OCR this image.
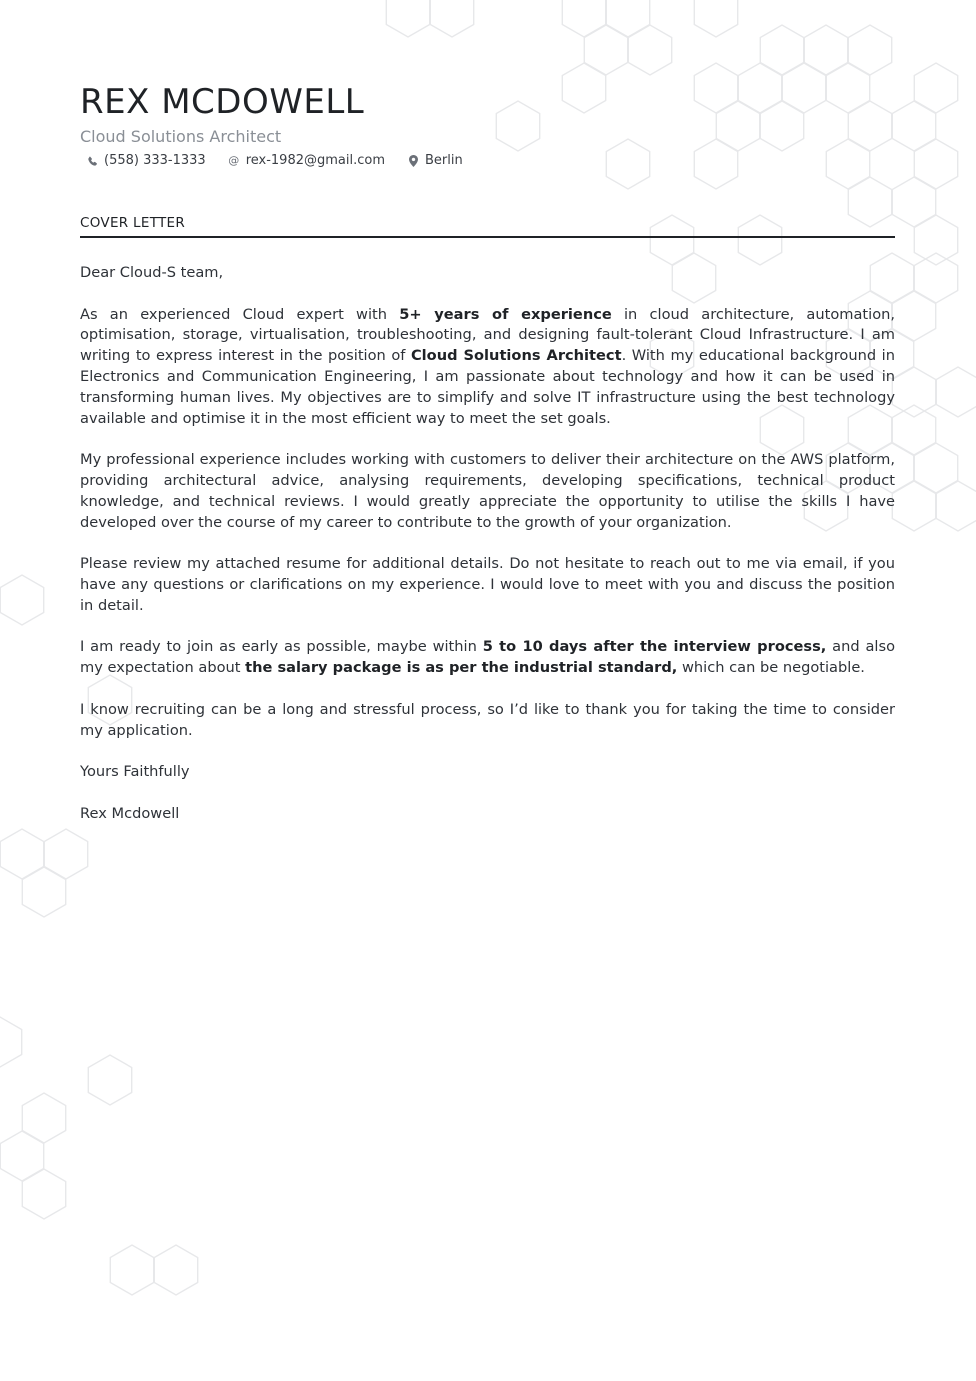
REX MCDOWELL
Cloud Solutions Architect
(558) 333-1333 @ rex-1982@gmail.com	Berlin
COVER LETTER

Dear Cloud-S team,

As an experienced Cloud expert with 5+ years of experience in cloud architecture, automation, optimisation, storage, virtualisation, troubleshooting, and designing fault-tolerant Cloud Infrastructure. I am writing to express interest in the position of Cloud Solutions Architect. With my educational background in Electronics and Communication Engineering, I am passionate about technology and how it can be used in transforming human lives. My objectives are to simplify and solve IT infrastructure using the best technology available and optimise it in the most efficient way to meet the set goals.

My professional experience includes working with customers to deliver their architecture on the AWS platform, providing architectural advice, analysing requirements, developing specifications, technical product knowledge, and technical reviews. I would greatly appreciate the opportunity to utilise the skills I have developed over the course of my career to contribute to the growth of your organization.

Please review my attached resume for additional details. Do not hesitate to reach out to me via email, if you have any questions or clarifications on my experience. I would love to meet with you and discuss the position in detail.

I am ready to join as early as possible, maybe within 5 to 10 days after the interview process, and also my expectation about the salary package is as per the industrial standard, which can be negotiable.

I know recruiting can be a long and stressful process, so I’d like to thank you for taking the time to consider my application.

Yours Faithfully

Rex Mcdowell
